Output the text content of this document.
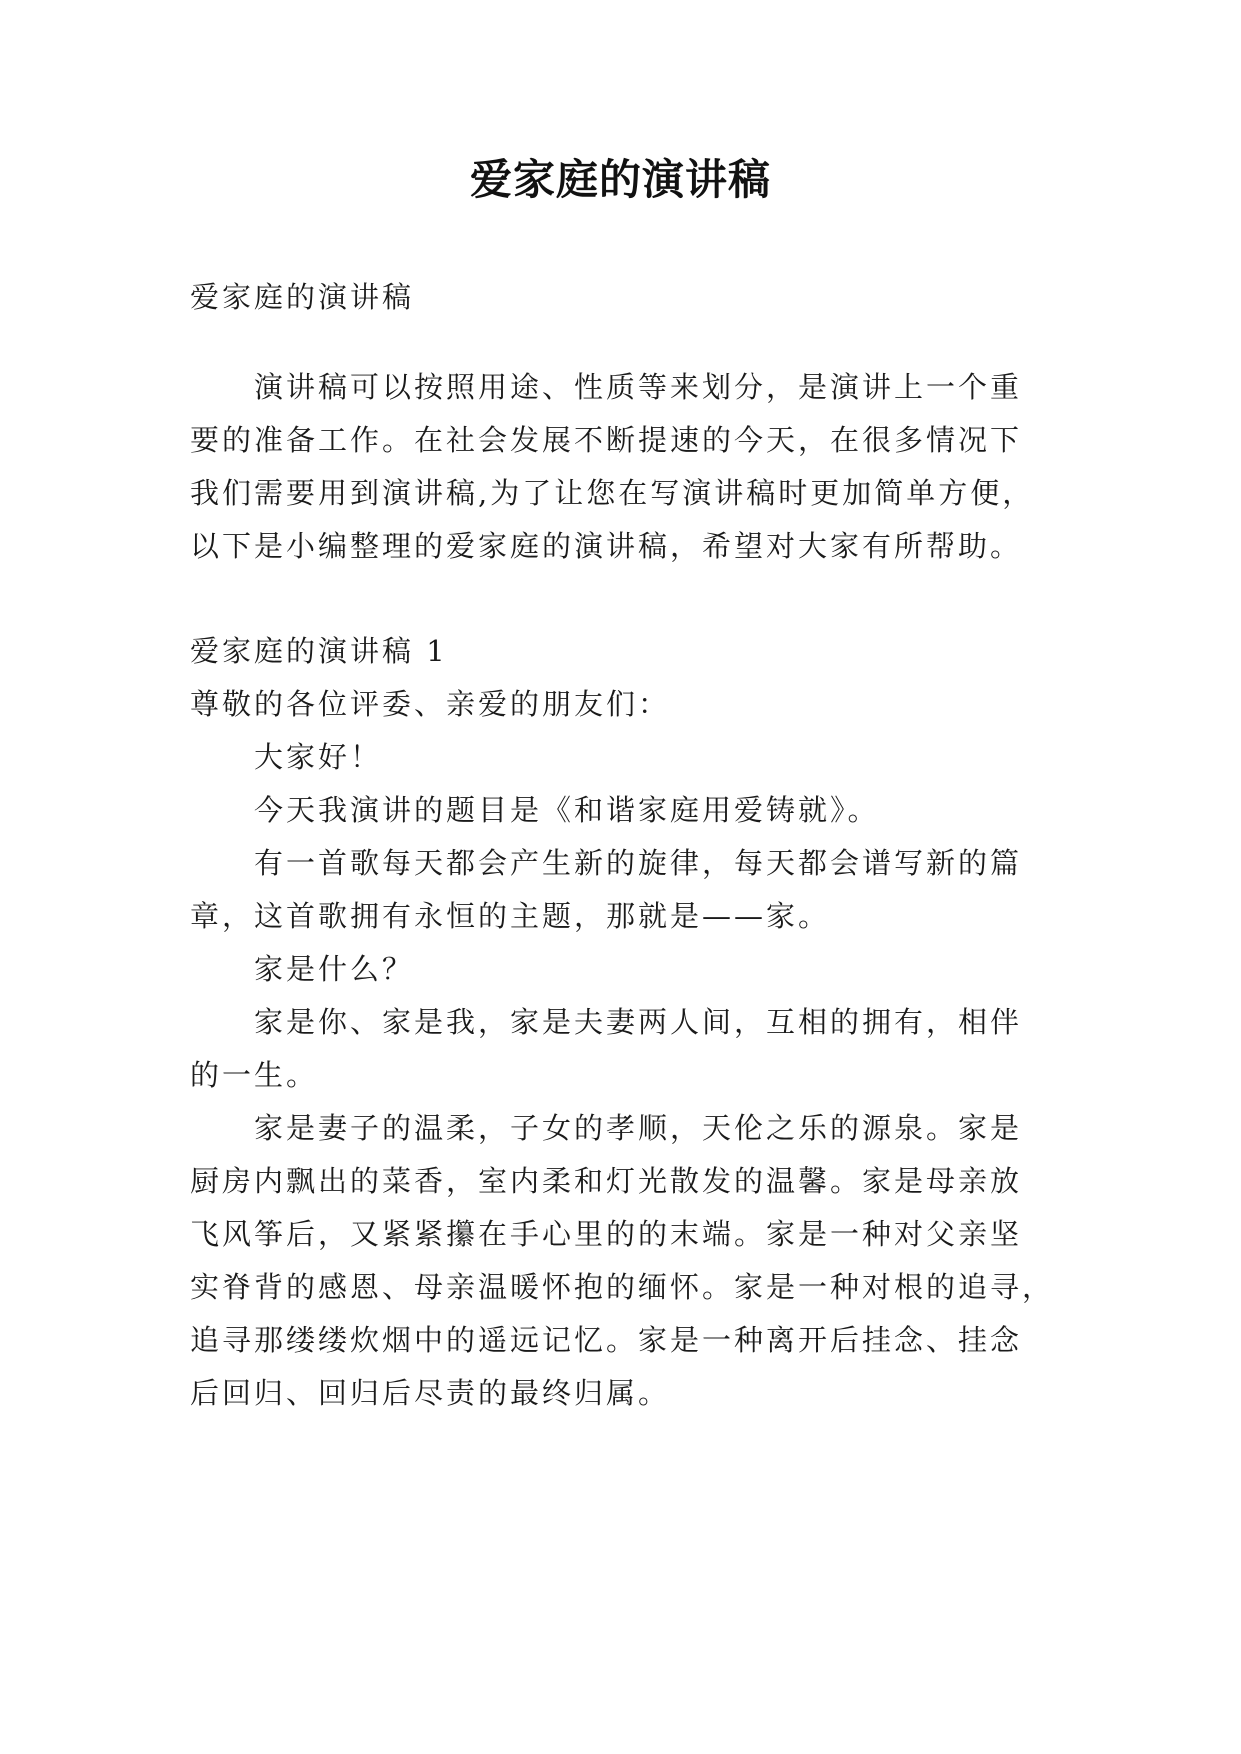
爱家庭的演讲稿
爱家庭的演讲稿
演讲稿可以按照用途、性质等来划分，是演讲上一个重
要的准备工作。在社会发展不断提速的今天，在很多情况下
我们需要用到演讲稿,为了让您在写演讲稿时更加简单方便，
以下是小编整理的爱家庭的演讲稿，希望对大家有所帮助。
爱家庭的演讲稿 1
尊敬的各位评委、亲爱的朋友们：
大家好！
今天我演讲的题目是《和谐家庭用爱铸就》。
有一首歌每天都会产生新的旋律，每天都会谱写新的篇
章，这首歌拥有永恒的主题，那就是——家。
家是什么？
家是你、家是我，家是夫妻两人间，互相的拥有，相伴
的一生。
家是妻子的温柔，子女的孝顺，天伦之乐的源泉。家是
厨房内飘出的菜香，室内柔和灯光散发的温馨。家是母亲放
飞风筝后，又紧紧攥在手心里的的末端。家是一种对父亲坚
实脊背的感恩、母亲温暖怀抱的缅怀。家是一种对根的追寻，
追寻那缕缕炊烟中的遥远记忆。家是一种离开后挂念、挂念
后回归、回归后尽责的最终归属。
